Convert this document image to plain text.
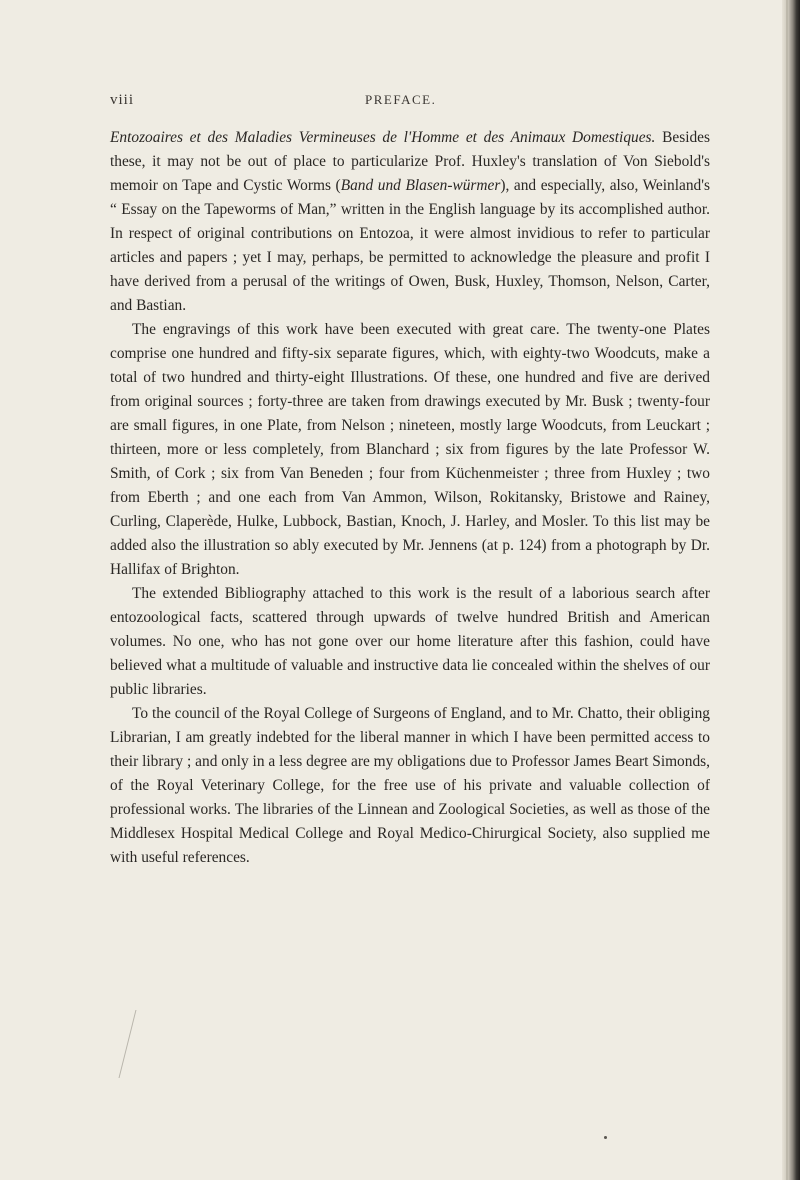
viii	PREFACE.

Entozoaires et des Maladies Vermineuses de l'Homme et des Animaux Domestiques. Besides these, it may not be out of place to particularize Prof. Huxley's translation of Von Siebold's memoir on Tape and Cystic Worms (Band und Blasen-würmer), and especially, also, Weinland's “ Essay on the Tapeworms of Man,” written in the English language by its accomplished author. In respect of original contributions on Entozoa, it were almost invidious to refer to particular articles and papers ; yet I may, perhaps, be permitted to acknowledge the pleasure and profit I have derived from a perusal of the writings of Owen, Busk, Huxley, Thomson, Nelson, Carter, and Bastian.

The engravings of this work have been executed with great care. The twenty-one Plates comprise one hundred and fifty-six separate figures, which, with eighty-two Woodcuts, make a total of two hundred and thirty-eight Illustrations. Of these, one hundred and five are derived from original sources ; forty-three are taken from drawings executed by Mr. Busk ; twenty-four are small figures, in one Plate, from Nelson ; nineteen, mostly large Woodcuts, from Leuckart ; thirteen, more or less completely, from Blanchard ; six from figures by the late Professor W. Smith, of Cork ; six from Van Beneden ; four from Küchenmeister ; three from Huxley ; two from Eberth ; and one each from Van Ammon, Wilson, Rokitansky, Bristowe and Rainey, Curling, Claperède, Hulke, Lubbock, Bastian, Knoch, J. Harley, and Mosler. To this list may be added also the illustration so ably executed by Mr. Jennens (at p. 124) from a photograph by Dr. Hallifax of Brighton.

The extended Bibliography attached to this work is the result of a laborious search after entozoological facts, scattered through upwards of twelve hundred British and American volumes. No one, who has not gone over our home literature after this fashion, could have believed what a multitude of valuable and instructive data lie concealed within the shelves of our public libraries.

To the council of the Royal College of Surgeons of England, and to Mr. Chatto, their obliging Librarian, I am greatly indebted for the liberal manner in which I have been permitted access to their library ; and only in a less degree are my obligations due to Professor James Beart Simonds, of the Royal Veterinary College, for the free use of his private and valuable collection of professional works. The libraries of the Linnean and Zoological Societies, as well as those of the Middlesex Hospital Medical College and Royal Medico-Chirurgical Society, also supplied me with useful references.
